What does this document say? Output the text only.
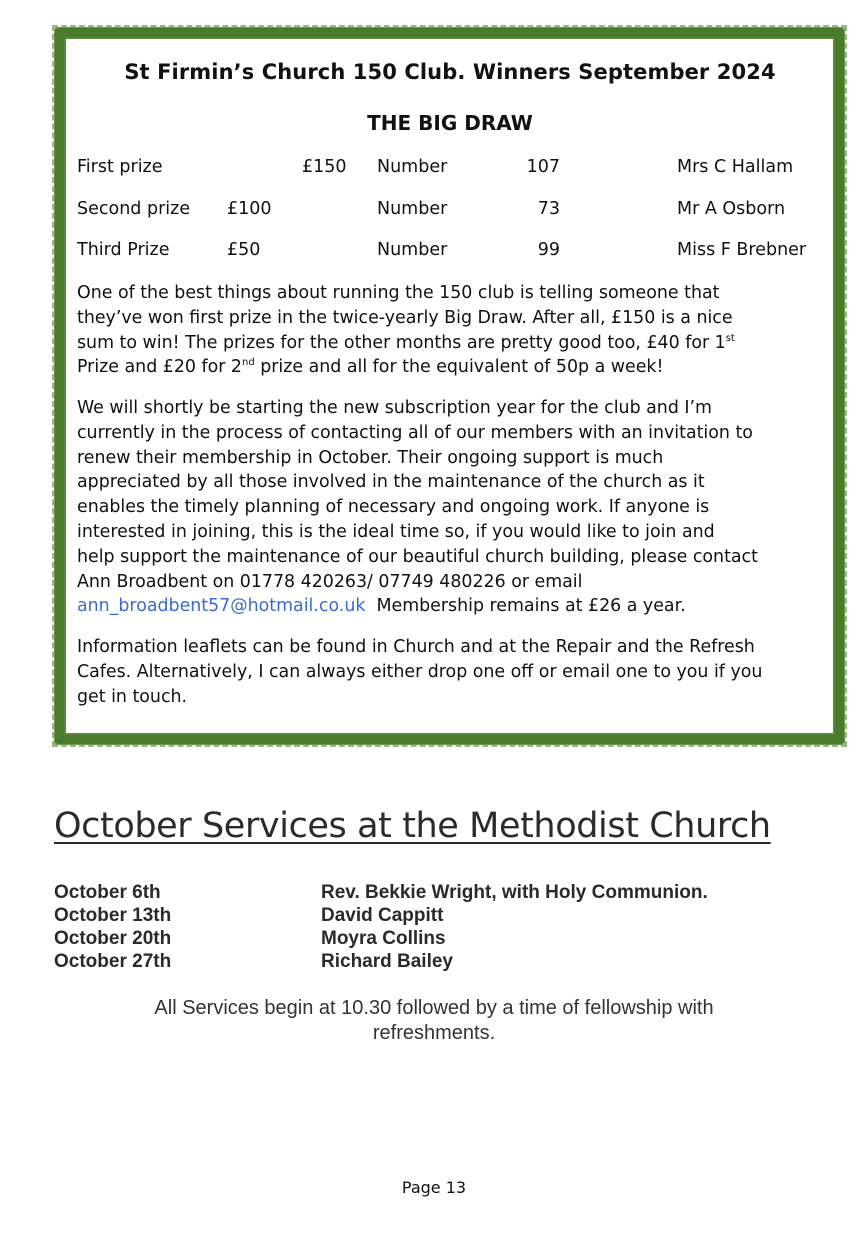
St Firmin’s Church 150 Club. Winners September 2024
THE BIG DRAW
First prize	£150 Number	107	Mrs C Hallam
Second prize £100	Number	73	Mr A Osborn
Third Prize	£50	Number	99	Miss F Brebner

One of the best things about running the 150 club is telling someone that

they’ve won first prize in the twice-yearly Big Draw. After all, £150 is a nice

sum to win! The prizes for the other months are pretty good too, £40 for 1st

Prize and £20 for 2nd prize and all for the equivalent of 50p a week!

We will shortly be starting the new subscription year for the club and I’m

currently in the process of contacting all of our members with an invitation to

renew their membership in October. Their ongoing support is much

appreciated by all those involved in the maintenance of the church as it

enables the timely planning of necessary and ongoing work. If anyone is

interested in joining, this is the ideal time so, if you would like to join and

help support the maintenance of our beautiful church building, please contact

Ann Broadbent on 01778 420263/ 07749 480226 or email

ann_broadbent57@hotmail.co.uk  Membership remains at £26 a year.

Information leaflets can be found in Church and at the Repair and the Refresh

Cafes. Alternatively, I can always either drop one off or email one to you if you

get in touch.

October Services at the Methodist Church
October 6th	Rev. Bekkie Wright, with Holy Communion.
October 13th	David Cappitt
October 20th	Moyra Collins
October 27th	Richard Bailey
All Services begin at 10.30 followed by a time of fellowship with
refreshments.
Page 13
